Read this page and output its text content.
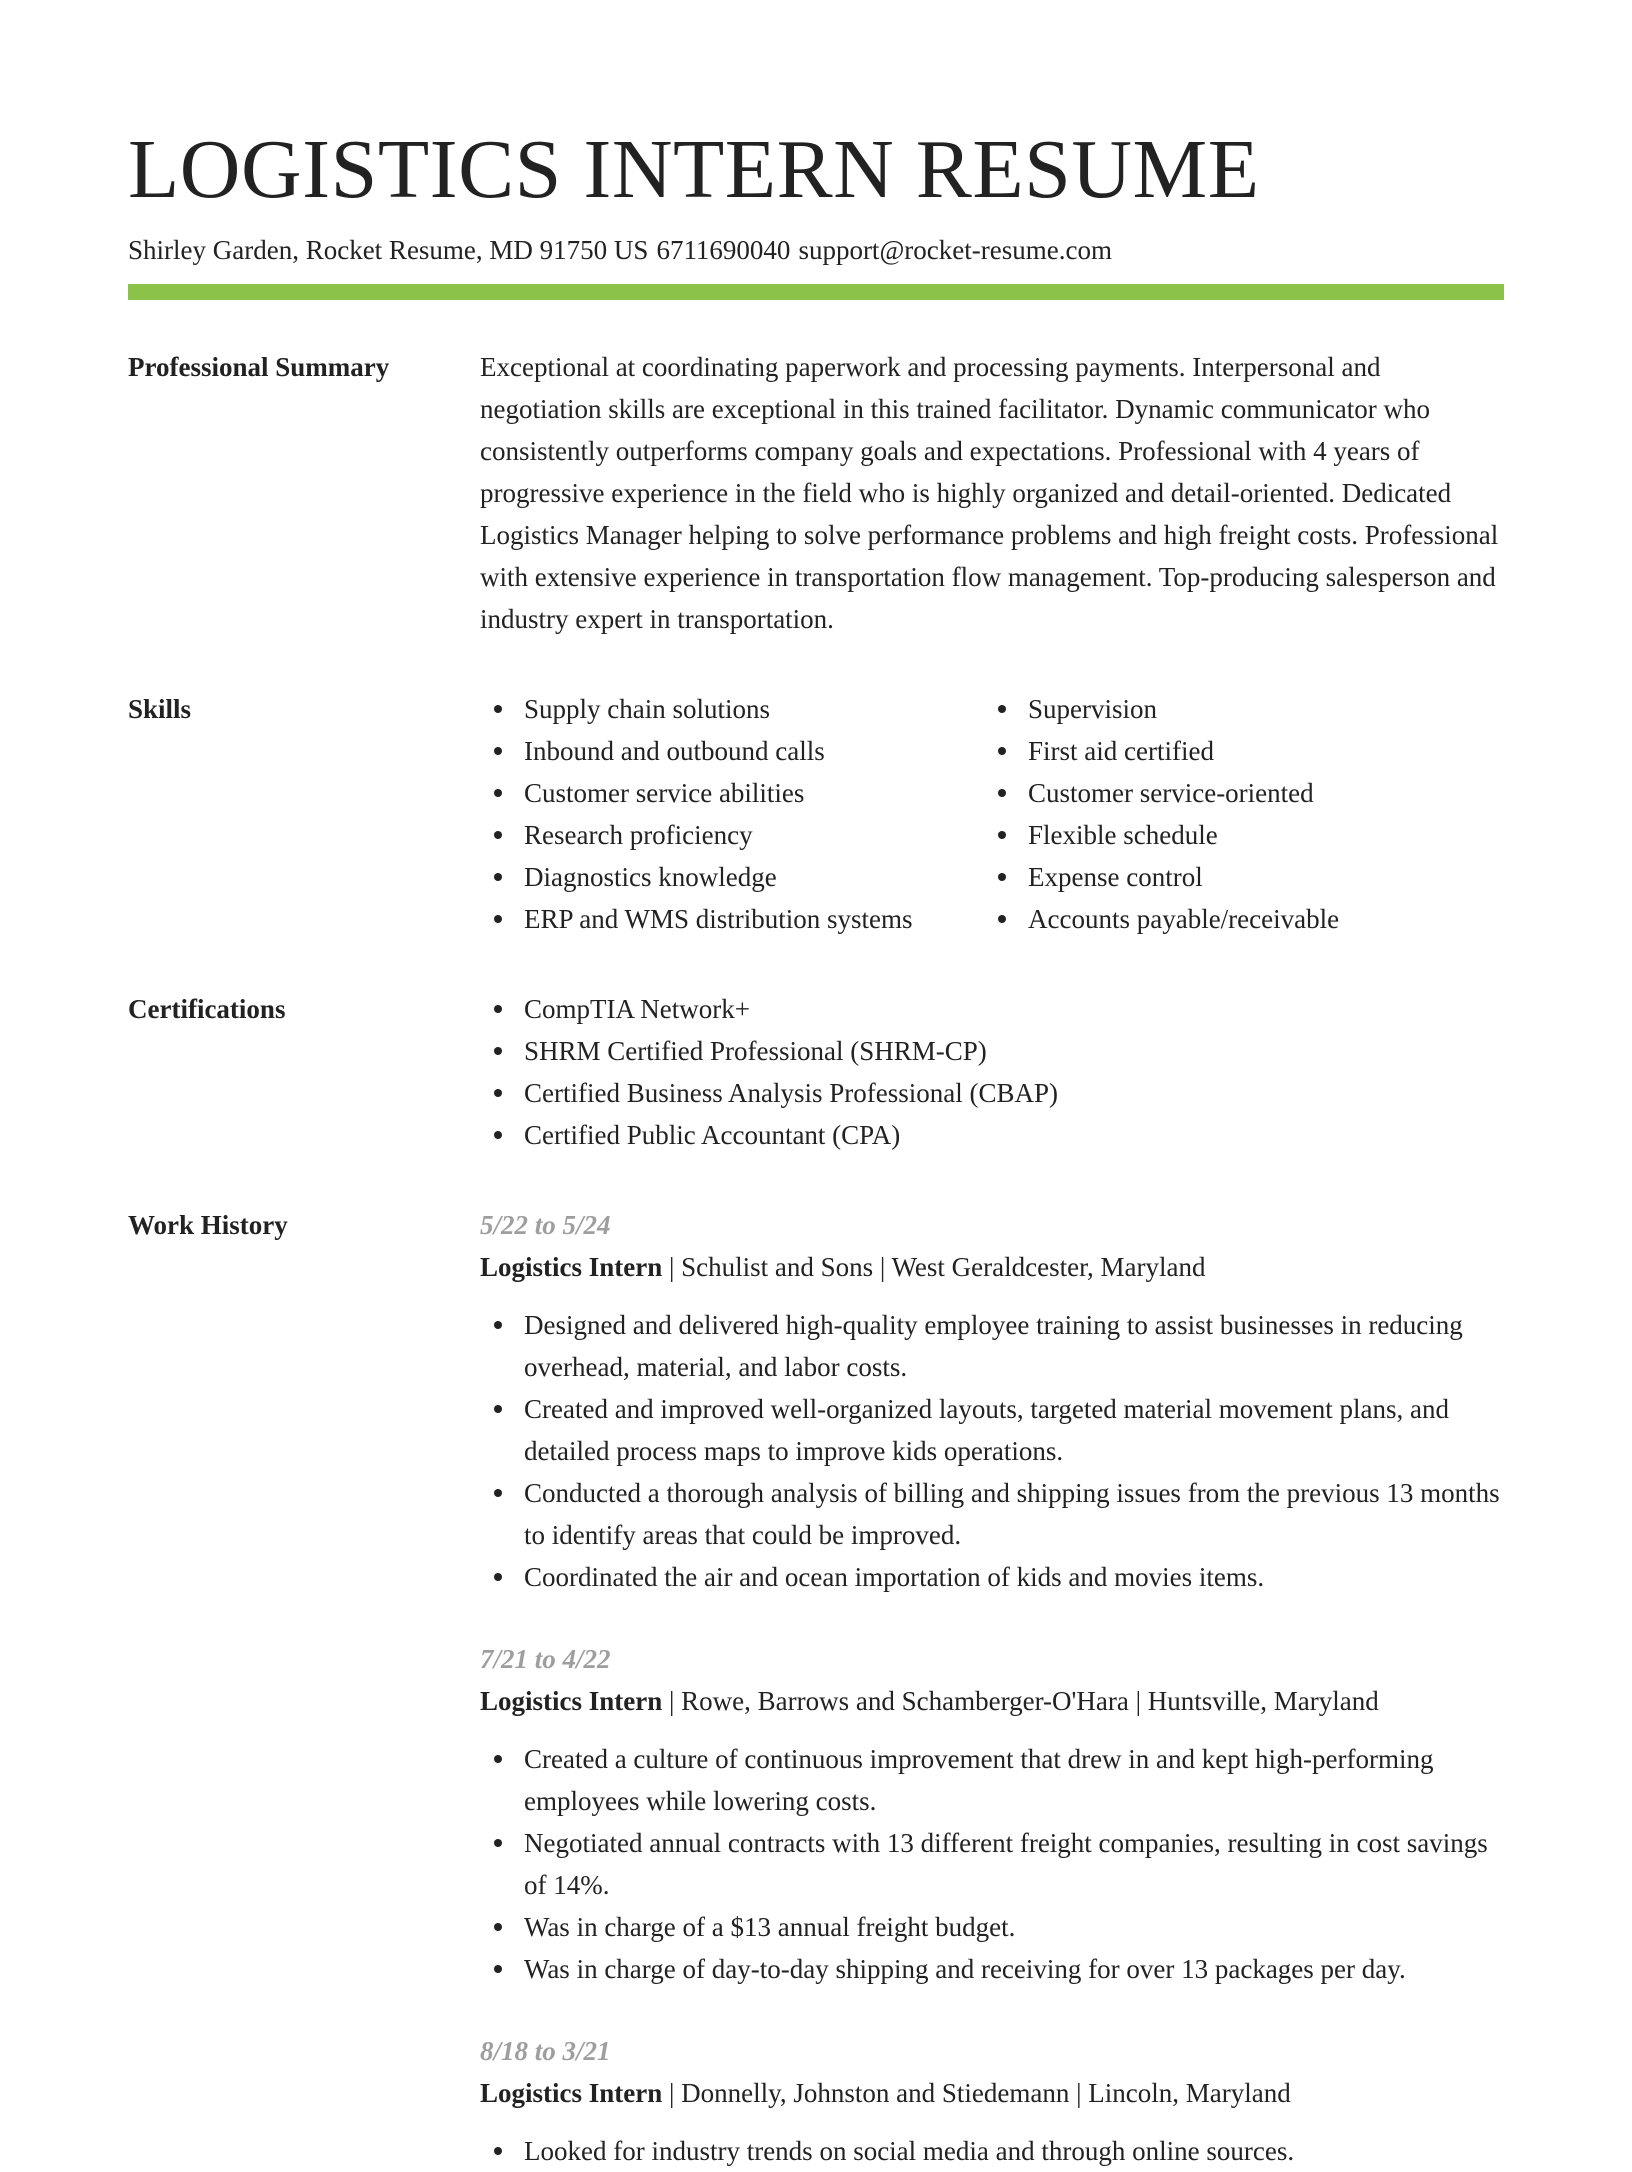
LOGISTICS INTERN RESUME
Shirley Garden, Rocket Resume, MD 91750 US 6711690040 support@rocket-resume.com
Professional Summary	Exceptional at coordinating paperwork and processing payments. Interpersonal and negotiation skills are exceptional in this trained facilitator. Dynamic communicator who consistently outperforms company goals and expectations. Professional with 4 years of progressive experience in the field who is highly organized and detail-oriented. Dedicated Logistics Manager helping to solve performance problems and high freight costs. Professional with extensive experience in transportation flow management. Top-producing salesperson and industry expert in transportation.

Skills	Supply chain solutions
Inbound and outbound calls
Customer service abilities
Research proficiency
Diagnostics knowledge
ERP and WMS distribution systems
Supervision
First aid certified
Customer service-oriented
Flexible schedule
Expense control
Accounts payable/receivable
Certifications	CompTIA Network+
SHRM Certified Professional (SHRM-CP)
Certified Business Analysis Professional (CBAP)
Certified Public Accountant (CPA)
Work History	5/22 to 5/24
Logistics Intern | Schulist and Sons | West Geraldcester, Maryland
Designed and delivered high-quality employee training to assist businesses in reducing overhead, material, and labor costs.
Created and improved well-organized layouts, targeted material movement plans, and detailed process maps to improve kids operations.
Conducted a thorough analysis of billing and shipping issues from the previous 13 months to identify areas that could be improved.
Coordinated the air and ocean importation of kids and movies items.
7/21 to 4/22
Logistics Intern | Rowe, Barrows and Schamberger-O'Hara | Huntsville, Maryland
Created a culture of continuous improvement that drew in and kept high-performing employees while lowering costs.
Negotiated annual contracts with 13 different freight companies, resulting in cost savings of 14%.
Was in charge of a $13 annual freight budget.
Was in charge of day-to-day shipping and receiving for over 13 packages per day.
8/18 to 3/21
Logistics Intern | Donnelly, Johnston and Stiedemann | Lincoln, Maryland
Looked for industry trends on social media and through online sources.
